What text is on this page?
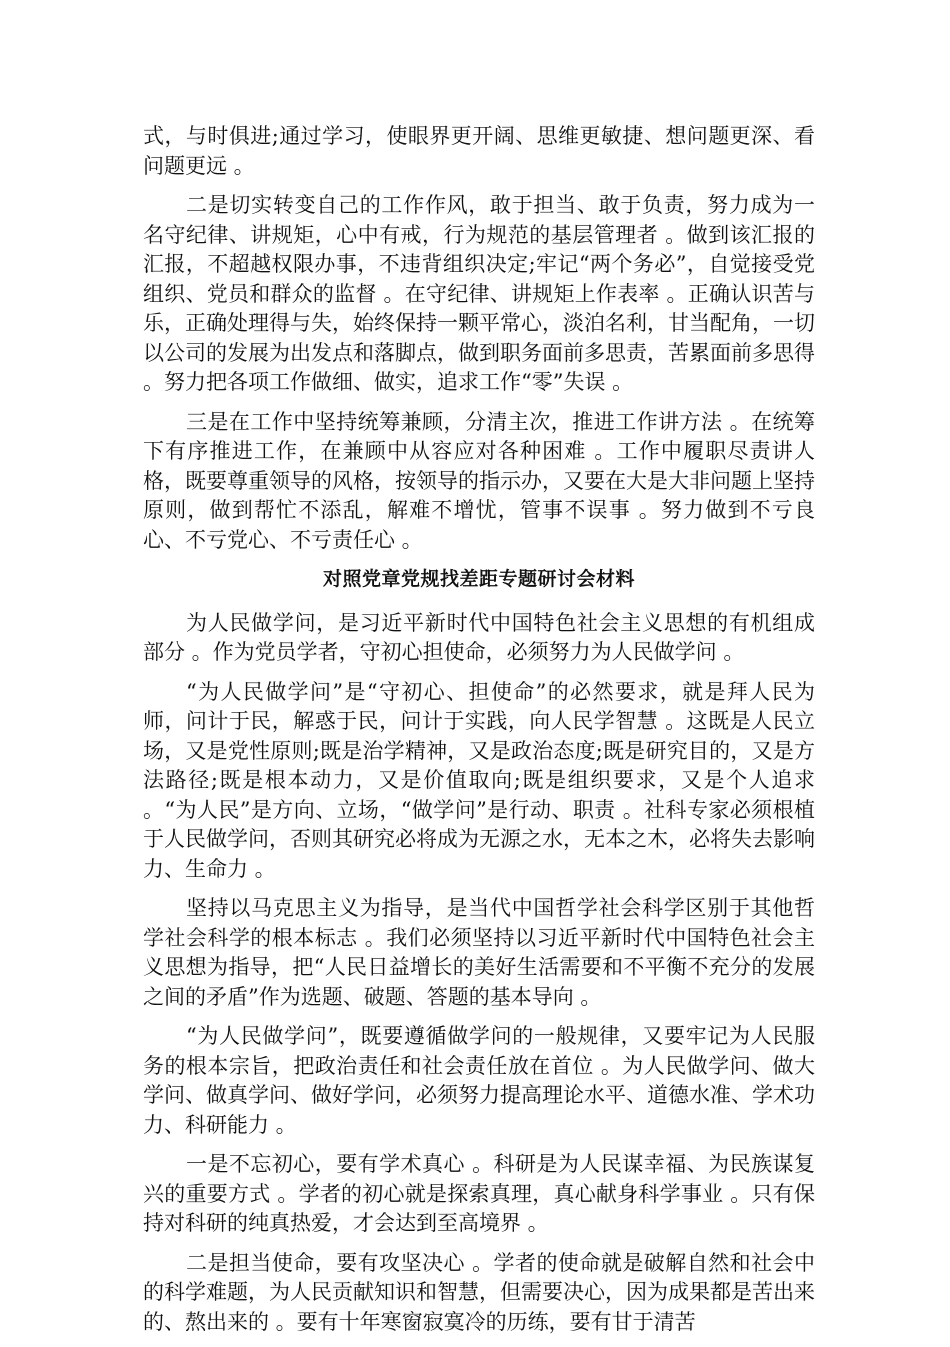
式，与时俱进;通过学习，使眼界更开阔、思维更敏捷、想问题更深、看问题更远 。

二是切实转变自己的工作作风，敢于担当、敢于负责，努力成为一名守纪律、讲规矩，心中有戒，行为规范的基层管理者 。做到该汇报的汇报，不超越权限办事，不违背组织决定;牢记“两个务必”，自觉接受党组织、党员和群众的监督 。在守纪律、讲规矩上作表率 。正确认识苦与乐，正确处理得与失，始终保持一颗平常心，淡泊名利，甘当配角，一切以公司的发展为出发点和落脚点，做到职务面前多思责，苦累面前多思得 。努力把各项工作做细、做实，追求工作“零”失误 。

三是在工作中坚持统筹兼顾，分清主次，推进工作讲方法 。在统筹下有序推进工作，在兼顾中从容应对各种困难 。工作中履职尽责讲人格，既要尊重领导的风格，按领导的指示办，又要在大是大非问题上坚持原则，做到帮忙不添乱，解难不增忧，管事不误事 。努力做到不亏良心、不亏党心、不亏责任心 。

对照党章党规找差距专题研讨会材料

为人民做学问，是习近平新时代中国特色社会主义思想的有机组成部分 。作为党员学者，守初心担使命，必须努力为人民做学问 。

“为人民做学问”是“守初心、担使命”的必然要求，就是拜人民为师，问计于民，解惑于民，问计于实践，向人民学智慧 。这既是人民立场，又是党性原则;既是治学精神，又是政治态度;既是研究目的，又是方法路径;既是根本动力，又是价值取向;既是组织要求，又是个人追求 。“为人民”是方向、立场，“做学问”是行动、职责 。社科专家必须根植于人民做学问，否则其研究必将成为无源之水，无本之木，必将失去影响力、生命力 。

坚持以马克思主义为指导，是当代中国哲学社会科学区别于其他哲学社会科学的根本标志 。我们必须坚持以习近平新时代中国特色社会主义思想为指导，把“人民日益增长的美好生活需要和不平衡不充分的发展之间的矛盾”作为选题、破题、答题的基本导向 。

“为人民做学问”，既要遵循做学问的一般规律，又要牢记为人民服务的根本宗旨，把政治责任和社会责任放在首位 。为人民做学问、做大学问、做真学问、做好学问，必须努力提高理论水平、道德水准、学术功力、科研能力 。

一是不忘初心，要有学术真心 。科研是为人民谋幸福、为民族谋复兴的重要方式 。学者的初心就是探索真理，真心献身科学事业 。只有保持对科研的纯真热爱，才会达到至高境界 。

二是担当使命，要有攻坚决心 。学者的使命就是破解自然和社会中的科学难题，为人民贡献知识和智慧，但需要决心，因为成果都是苦出来的、熬出来的 。要有十年寒窗寂寞冷的历练，要有甘于清苦
